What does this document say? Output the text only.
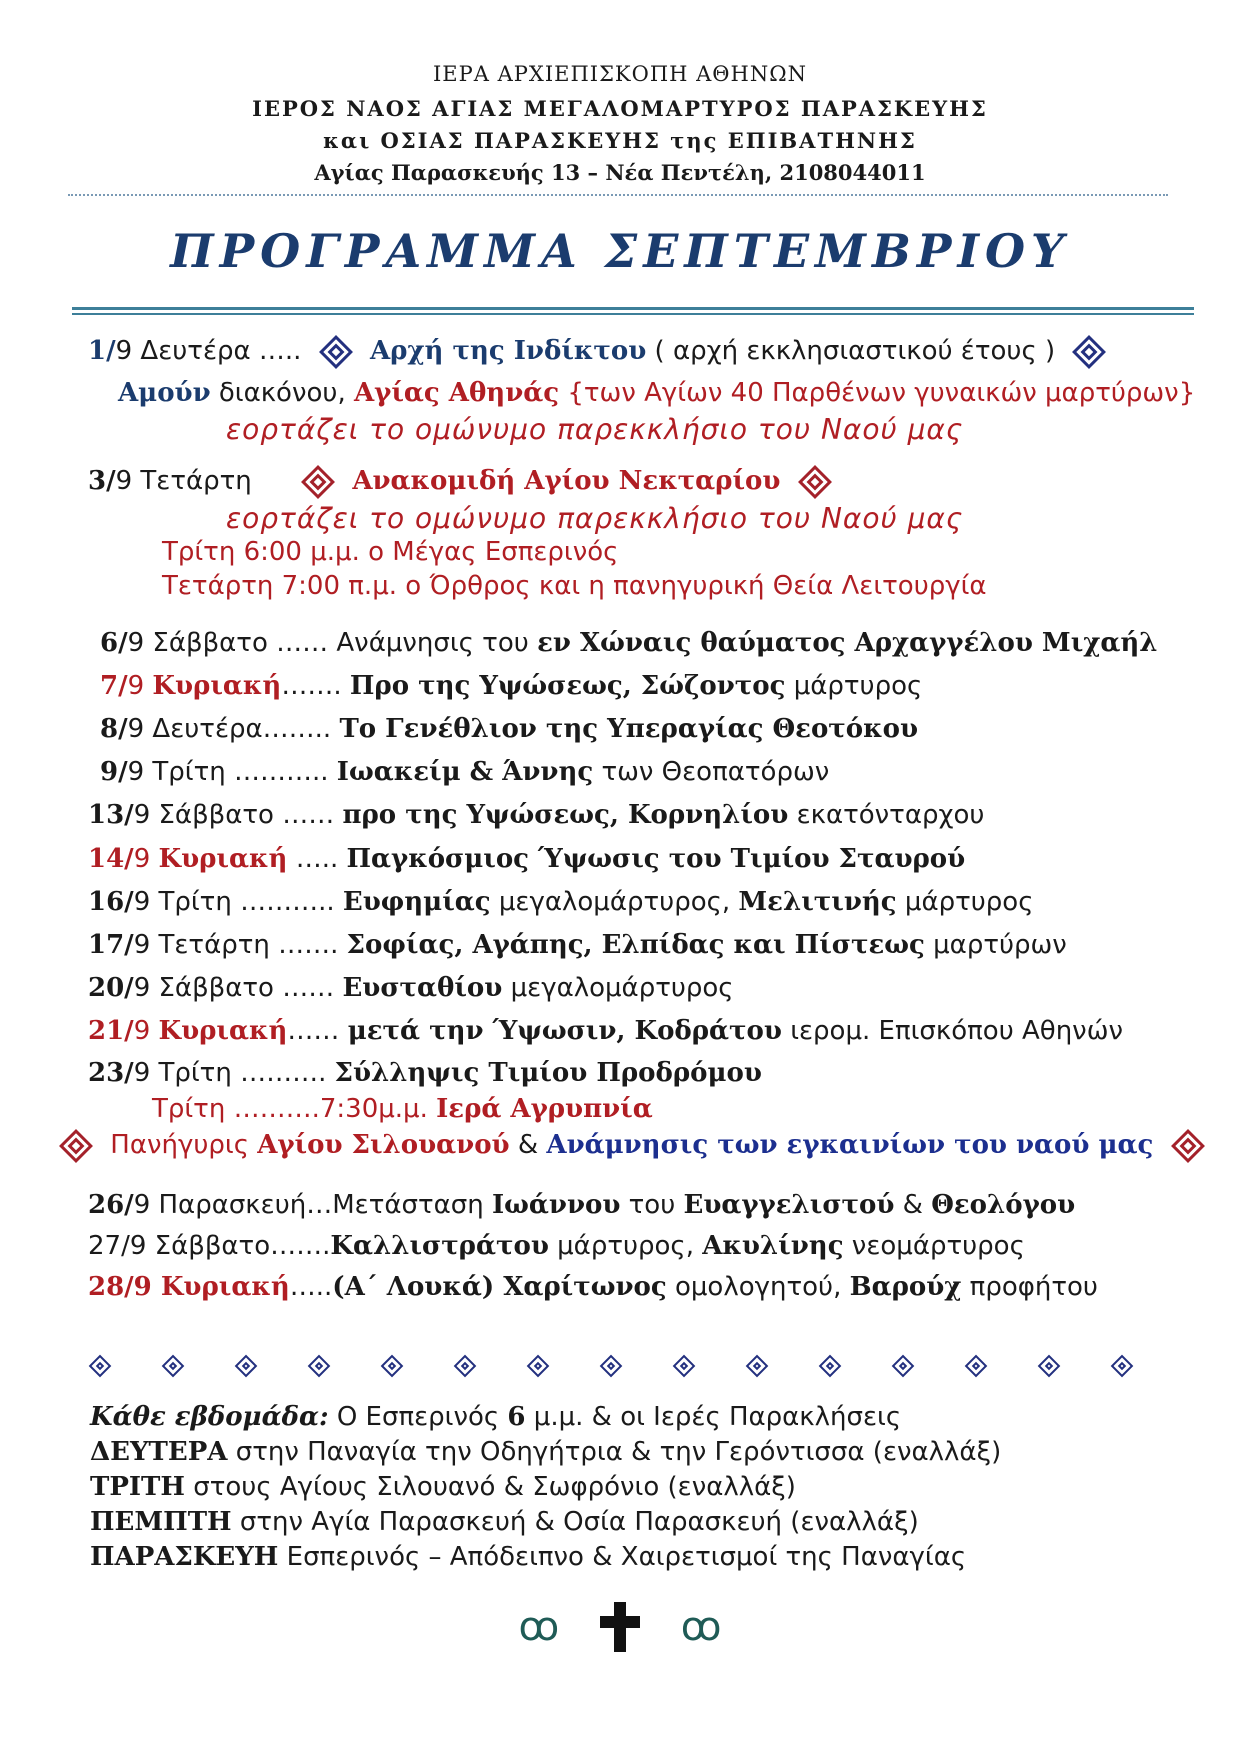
ΙΕΡΑ ΑΡΧΙΕΠΙΣΚΟΠΗ ΑΘΗΝΩΝ
ΙΕΡΟΣ ΝΑΟΣ ΑΓΙΑΣ ΜΕΓΑΛΟΜΑΡΤΥΡΟΣ ΠΑΡΑΣΚΕΥΗΣ
και ΟΣΙΑΣ ΠΑΡΑΣΚΕΥΗΣ της ΕΠΙΒΑΤΗΝΗΣ
Αγίας Παρασκευής 13 – Νέα Πεντέλη, 2108044011
ΠΡΟΓΡΑΜΜΑ ΣΕΠΤΕΜΒΡΙΟΥ
1/9 Δευτέρα …..	Αρχή της Ινδίκτου ( αρχή εκκλησιαστικού έτους )
Αμούν διακόνου, Αγίας Αθηνάς {των Αγίων 40 Παρθένων γυναικών μαρτύρων}
εορτάζει το ομώνυμο παρεκκλήσιο του Ναού μας
3/9 Τετάρτη	Ανακομιδή Αγίου Νεκταρίου
εορτάζει το ομώνυμο παρεκκλήσιο του Ναού μας
Τρίτη 6:00 μ.μ. ο Μέγας Εσπερινός
Τετάρτη 7:00 π.μ. ο Όρθρος και η πανηγυρική Θεία Λειτουργία
6/9 Σάββατο …… Ανάμνησις του εν Χώναις θαύματος Αρχαγγέλου Μιχαήλ
7/9 Κυριακή……. Προ της Υψώσεως, Σώζοντος μάρτυρος
8/9 Δευτέρα…….. Το Γενέθλιον της Υπεραγίας Θεοτόκου
9/9 Τρίτη ……….. Ιωακείμ & Άννης των Θεοπατόρων
13/9 Σάββατο …… προ της Υψώσεως, Κορνηλίου εκατόνταρχου
14/9 Κυριακή ….. Παγκόσμιος Ύψωσις του Τιμίου Σταυρού
16/9 Τρίτη ……….. Ευφημίας μεγαλομάρτυρος, Μελιτινής μάρτυρος
17/9 Τετάρτη ……. Σοφίας, Αγάπης, Ελπίδας και Πίστεως μαρτύρων
20/9 Σάββατο …… Ευσταθίου μεγαλομάρτυρος
21/9 Κυριακή…… μετά την Ύψωσιν, Κοδράτου ιερομ. Επισκόπου Αθηνών
23/9 Τρίτη ………. Σύλληψις Τιμίου Προδρόμου
Τρίτη ……….7:30μ.μ. Ιερά Αγρυπνία
Πανήγυρις Αγίου Σιλουανού & Ανάμνησις των εγκαινίων του ναού μας
26/9 Παρασκευή…Μετάσταση Ιωάννου του Ευαγγελιστού & Θεολόγου
27/9 Σάββατο…….Καλλιστράτου μάρτυρος, Ακυλίνης νεομάρτυρος
28/9 Κυριακή…..(Α΄ Λουκά) Χαρίτωνος ομολογητού, Βαρούχ προφήτου
Κάθε εβδομάδα: Ο Εσπερινός 6 μ.μ. & οι Ιερές Παρακλήσεις
ΔΕΥΤΕΡΑ στην Παναγία την Οδηγήτρια & την Γερόντισσα (εναλλάξ)
ΤΡΙΤΗ στους Αγίους Σιλουανό & Σωφρόνιο (εναλλάξ)
ΠΕΜΠΤΗ στην Αγία Παρασκευή & Οσία Παρασκευή (εναλλάξ)
ΠΑΡΑΣΚΕΥΗ Εσπερινός – Απόδειπνο & Χαιρετισμοί της Παναγίας
ꝏ	ꝏ
